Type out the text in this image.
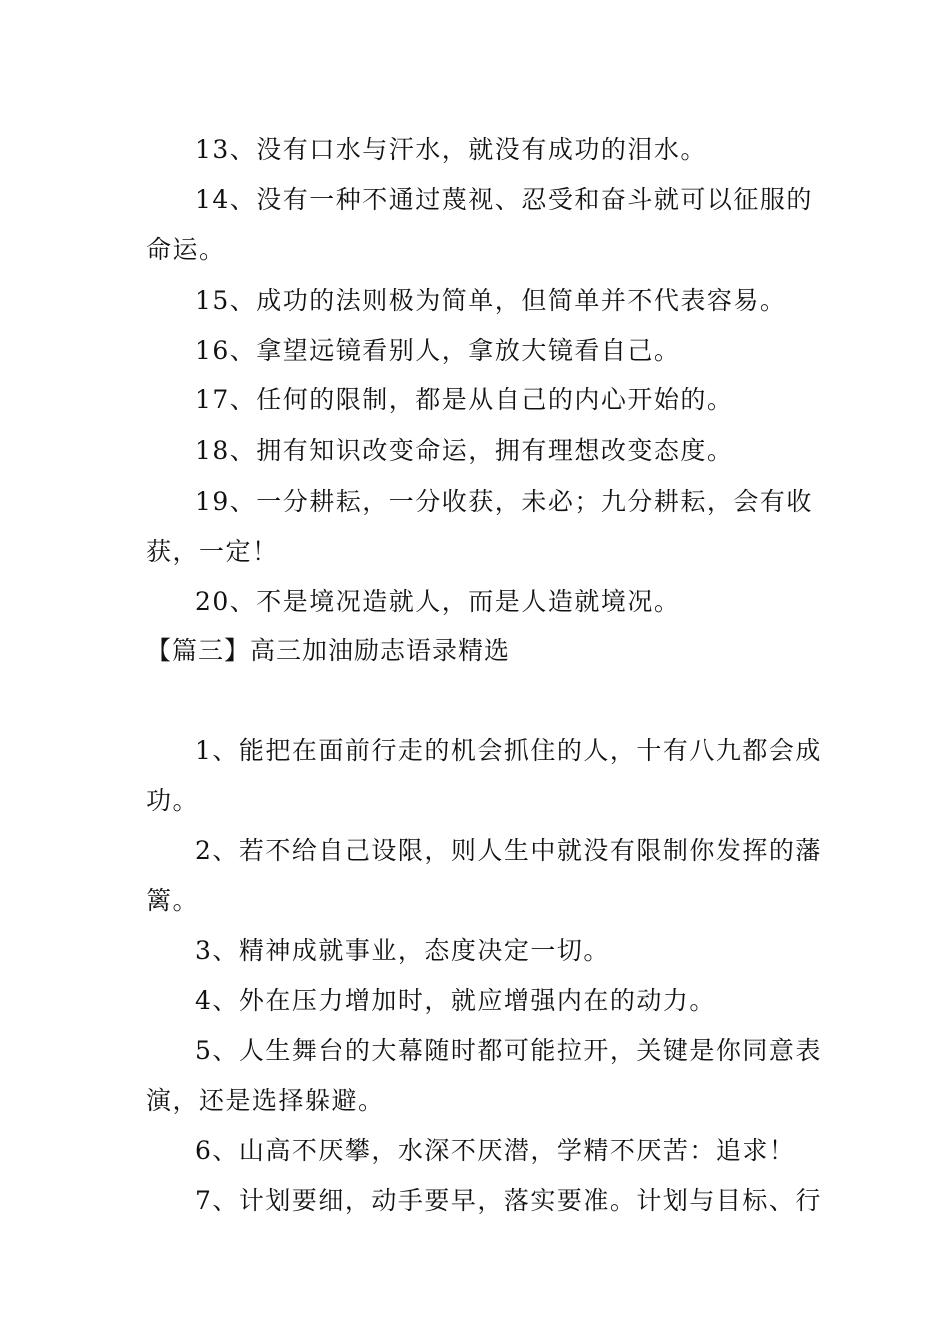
13、没有口水与汗水，就没有成功的泪水。
14、没有一种不通过蔑视、忍受和奋斗就可以征服的
命运。
15、成功的法则极为简单，但简单并不代表容易。
16、拿望远镜看别人，拿放大镜看自己。
17、任何的限制，都是从自己的内心开始的。
18、拥有知识改变命运，拥有理想改变态度。
19、一分耕耘，一分收获，未必；九分耕耘，会有收
获，一定！
20、不是境况造就人，而是人造就境况。
【篇三】高三加油励志语录精选
1、能把在面前行走的机会抓住的人，十有八九都会成
功。
2、若不给自己设限，则人生中就没有限制你发挥的藩
篱。
3、精神成就事业，态度决定一切。
4、外在压力增加时，就应增强内在的动力。
5、人生舞台的大幕随时都可能拉开，关键是你同意表
演，还是选择躲避。
6、山高不厌攀，水深不厌潜，学精不厌苦：追求！
7、计划要细，动手要早，落实要准。计划与目标、行
